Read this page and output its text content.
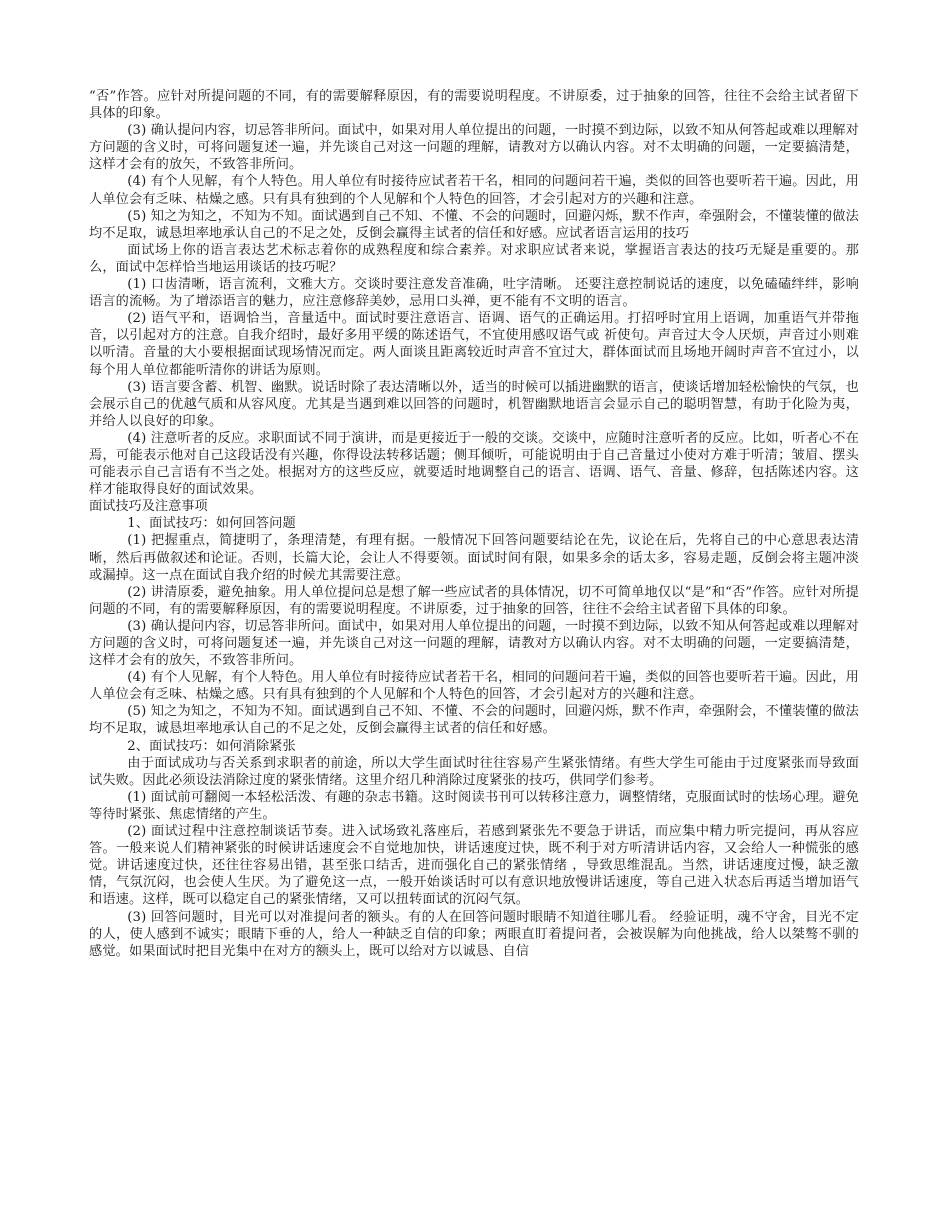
“否”作答。应针对所提问题的不同，有的需要解释原因，有的需要说明程度。不讲原委，过于抽象的回答，往往不会给主试者留下具体的印象。

(3) 确认提问内容，切忌答非所问。面试中，如果对用人单位提出的问题，一时摸不到边际，以致不知从何答起或难以理解对方问题的含义时，可将问题复述一遍，并先谈自己对这一问题的理解，请教对方以确认内容。对不太明确的问题，一定要搞清楚，这样才会有的放矢，不致答非所问。

(4) 有个人见解，有个人特色。用人单位有时接待应试者若干名，相同的问题问若干遍，类似的回答也要听若干遍。因此，用人单位会有乏味、枯燥之感。只有具有独到的个人见解和个人特色的回答，才会引起对方的兴趣和注意。

(5) 知之为知之，不知为不知。面试遇到自己不知、不懂、不会的问题时，回避闪烁，默不作声，牵强附会，不懂装懂的做法均不足取，诚恳坦率地承认自己的不足之处，反倒会赢得主试者的信任和好感。应试者语言运用的技巧

面试场上你的语言表达艺术标志着你的成熟程度和综合素养。对求职应试者来说，掌握语言表达的技巧无疑是重要的。那么，面试中怎样恰当地运用谈话的技巧呢？

(1) 口齿清晰，语言流利，文雅大方。交谈时要注意发音准确，吐字清晰。 还要注意控制说话的速度，以免磕磕绊绊，影响语言的流畅。为了增添语言的魅力，应注意修辞美妙，忌用口头禅，更不能有不文明的语言。

(2) 语气平和，语调恰当，音量适中。面试时要注意语言、语调、语气的正确运用。打招呼时宜用上语调，加重语气并带拖音，以引起对方的注意。自我介绍时，最好多用平缓的陈述语气，不宜使用感叹语气或 祈使句。声音过大令人厌烦，声音过小则难以听清。音量的大小要根据面试现场情况而定。两人面谈且距离较近时声音不宜过大，群体面试而且场地开阔时声音不宜过小，以每个用人单位都能听清你的讲话为原则。

(3) 语言要含蓄、机智、幽默。说话时除了表达清晰以外，适当的时候可以插进幽默的语言，使谈话增加轻松愉快的气氛，也会展示自己的优越气质和从容风度。尤其是当遇到难以回答的问题时，机智幽默地语言会显示自己的聪明智慧，有助于化险为夷，并给人以良好的印象。

(4) 注意听者的反应。求职面试不同于演讲，而是更接近于一般的交谈。交谈中，应随时注意听者的反应。比如，听者心不在焉，可能表示他对自己这段话没有兴趣，你得设法转移话题；侧耳倾听，可能说明由于自己音量过小使对方难于听清；皱眉、摆头可能表示自己言语有不当之处。根据对方的这些反应，就要适时地调整自己的语言、语调、语气、音量、修辞，包括陈述内容。这样才能取得良好的面试效果。

面试技巧及注意事项

1、面试技巧：如何回答问题

(1) 把握重点，简捷明了，条理清楚，有理有据。一般情况下回答问题要结论在先，议论在后，先将自己的中心意思表达清晰，然后再做叙述和论证。否则，长篇大论，会让人不得要领。面试时间有限，如果多余的话太多，容易走题，反倒会将主题冲淡或漏掉。这一点在面试自我介绍的时候尤其需要注意。

(2) 讲清原委，避免抽象。用人单位提问总是想了解一些应试者的具体情况，切不可简单地仅以“是”和“否”作答。应针对所提问题的不同，有的需要解释原因，有的需要说明程度。不讲原委，过于抽象的回答，往往不会给主试者留下具体的印象。

(3) 确认提问内容，切忌答非所问。面试中，如果对用人单位提出的问题，一时摸不到边际，以致不知从何答起或难以理解对方问题的含义时，可将问题复述一遍，并先谈自己对这一问题的理解，请教对方以确认内容。对不太明确的问题，一定要搞清楚，这样才会有的放矢，不致答非所问。

(4) 有个人见解，有个人特色。用人单位有时接待应试者若干名，相同的问题问若干遍，类似的回答也要听若干遍。因此，用人单位会有乏味、枯燥之感。只有具有独到的个人见解和个人特色的回答，才会引起对方的兴趣和注意。

(5) 知之为知之，不知为不知。面试遇到自己不知、不懂、不会的问题时，回避闪烁，默不作声，牵强附会，不懂装懂的做法均不足取，诚恳坦率地承认自己的不足之处，反倒会赢得主试者的信任和好感。

2、面试技巧：如何消除紧张

由于面试成功与否关系到求职者的前途，所以大学生面试时往往容易产生紧张情绪。有些大学生可能由于过度紧张而导致面试失败。因此必须设法消除过度的紧张情绪。这里介绍几种消除过度紧张的技巧，供同学们参考。

(1) 面试前可翻阅一本轻松活泼、有趣的杂志书籍。这时阅读书刊可以转移注意力，调整情绪，克服面试时的怯场心理。避免等待时紧张、焦虑情绪的产生。

(2) 面试过程中注意控制谈话节奏。进入试场致礼落座后，若感到紧张先不要急于讲话，而应集中精力听完提问，再从容应答。一般来说人们精神紧张的时候讲话速度会不自觉地加快，讲话速度过快，既不利于对方听清讲话内容，又会给人一种慌张的感觉。讲话速度过快，还往往容易出错，甚至张口结舌，进而强化自己的紧张情绪 ，导致思维混乱。当然，讲话速度过慢，缺乏激情，气氛沉闷，也会使人生厌。为了避免这一点，一般开始谈话时可以有意识地放慢讲话速度，等自己进入状态后再适当增加语气和语速。这样，既可以稳定自己的紧张情绪，又可以扭转面试的沉闷气氛。

(3) 回答问题时，目光可以对准提问者的额头。有的人在回答问题时眼睛不知道往哪儿看。 经验证明，魂不守舍，目光不定的人，使人感到不诚实；眼睛下垂的人，给人一种缺乏自信的印象；两眼直盯着提问者，会被误解为向他挑战，给人以桀骜不驯的感觉。如果面试时把目光集中在对方的额头上，既可以给对方以诚恳、自信
